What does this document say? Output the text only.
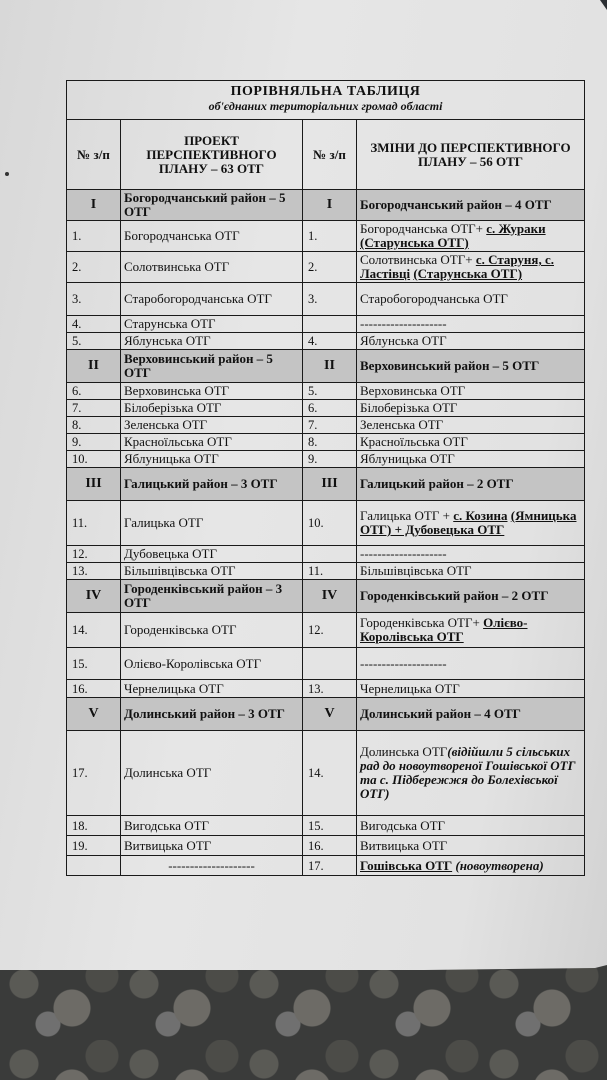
ПОРІВНЯЛЬНА ТАБЛИЦЯ
об'єднаних територіальних громад області			

№ з/п	ПРОЕКТ ПЕРСПЕКТИВНОГО ПЛАНУ – 63 ОТГ	№ з/п	ЗМІНИ ДО ПЕРСПЕКТИВНОГО ПЛАНУ – 56 ОТГ
I	Богородчанський район – 5 ОТГ	I	Богородчанський район – 4 ОТГ
1.	Богородчанська ОТГ	1.	Богородчанська ОТГ+ с. Жураки (Старунська ОТГ)
2.	Солотвинська ОТГ	2.	Солотвинська ОТГ+ с. Старуня, с. Ластівці (Старунська ОТГ)
3.	Старобогородчанська ОТГ	3.	Старобогородчанська ОТГ
4.	Старунська ОТГ		--------------------
5.	Яблунська ОТГ	4.	Яблунська ОТГ
II	Верховинський район – 5 ОТГ	II	Верховинський район – 5 ОТГ
6.	Верховинська ОТГ	5.	Верховинська ОТГ
7.	Білоберізька ОТГ	6.	Білоберізька ОТГ
8.	Зеленська ОТГ	7.	Зеленська ОТГ
9.	Красноїльська ОТГ	8.	Красноїльська ОТГ
10.	Яблуницька ОТГ	9.	Яблуницька ОТГ
III	Галицький район – 3 ОТГ	III	Галицький район – 2 ОТГ
11.	Галицька ОТГ	10.	Галицька ОТГ + с. Козина (Ямницька ОТГ) + Дубовецька ОТГ
12.	Дубовецька ОТГ		--------------------
13.	Більшівцівська ОТГ	11.	Більшівцівська ОТГ
IV	Городенківський район – 3 ОТГ	IV	Городенківський район – 2 ОТГ
14.	Городенківська ОТГ	12.	Городенківська ОТГ+ Олієво-Королівська ОТГ
15.	Олієво-Королівська ОТГ		--------------------
16.	Чернелицька ОТГ	13.	Чернелицька ОТГ
V	Долинський район – 3 ОТГ	V	Долинський район – 4 ОТГ
17.	Долинська ОТГ	14.	Долинська ОТГ(відійшли 5 сільських рад до новоутвореної Гошівської ОТГ та с. Підбережжя до Болехівської ОТГ)
18.	Вигодська ОТГ	15.	Вигодська ОТГ
19.	Витвицька ОТГ	16.	Витвицька ОТГ
	--------------------	17.	Гошівська ОТГ (новоутворена)
